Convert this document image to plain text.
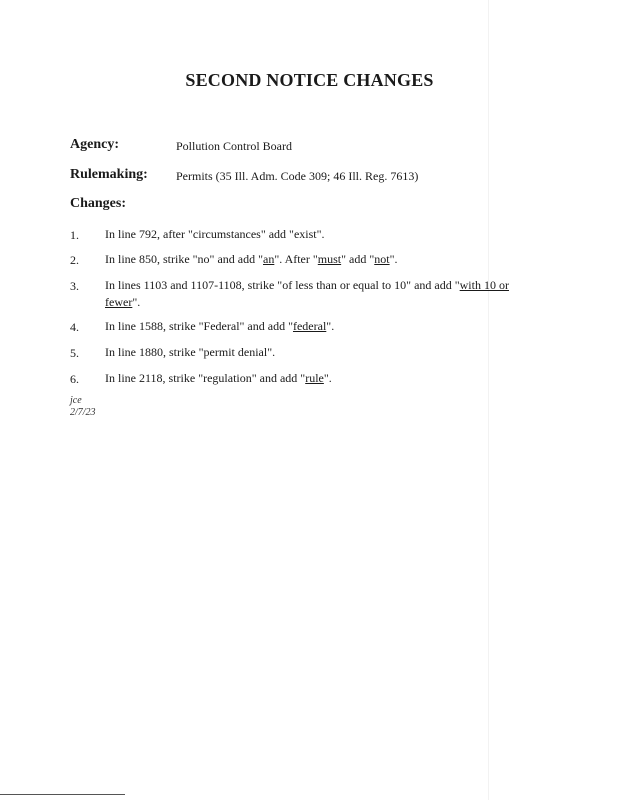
SECOND NOTICE CHANGES
Agency:	Pollution Control Board
Rulemaking: Permits (35 Ill. Adm. Code 309; 46 Ill. Reg. 7613)
Changes:
1. In line 792, after "circumstances" add "exist".
2. In line 850, strike "no" and add "an". After "must" add "not".
3. In lines 1103 and 1107-1108, strike "of less than or equal to 10" and add "with 10 or fewer".
4. In line 1588, strike "Federal" and add "federal".
5. In line 1880, strike "permit denial".
6. In line 2118, strike "regulation" and add "rule".
jce
2/7/23
